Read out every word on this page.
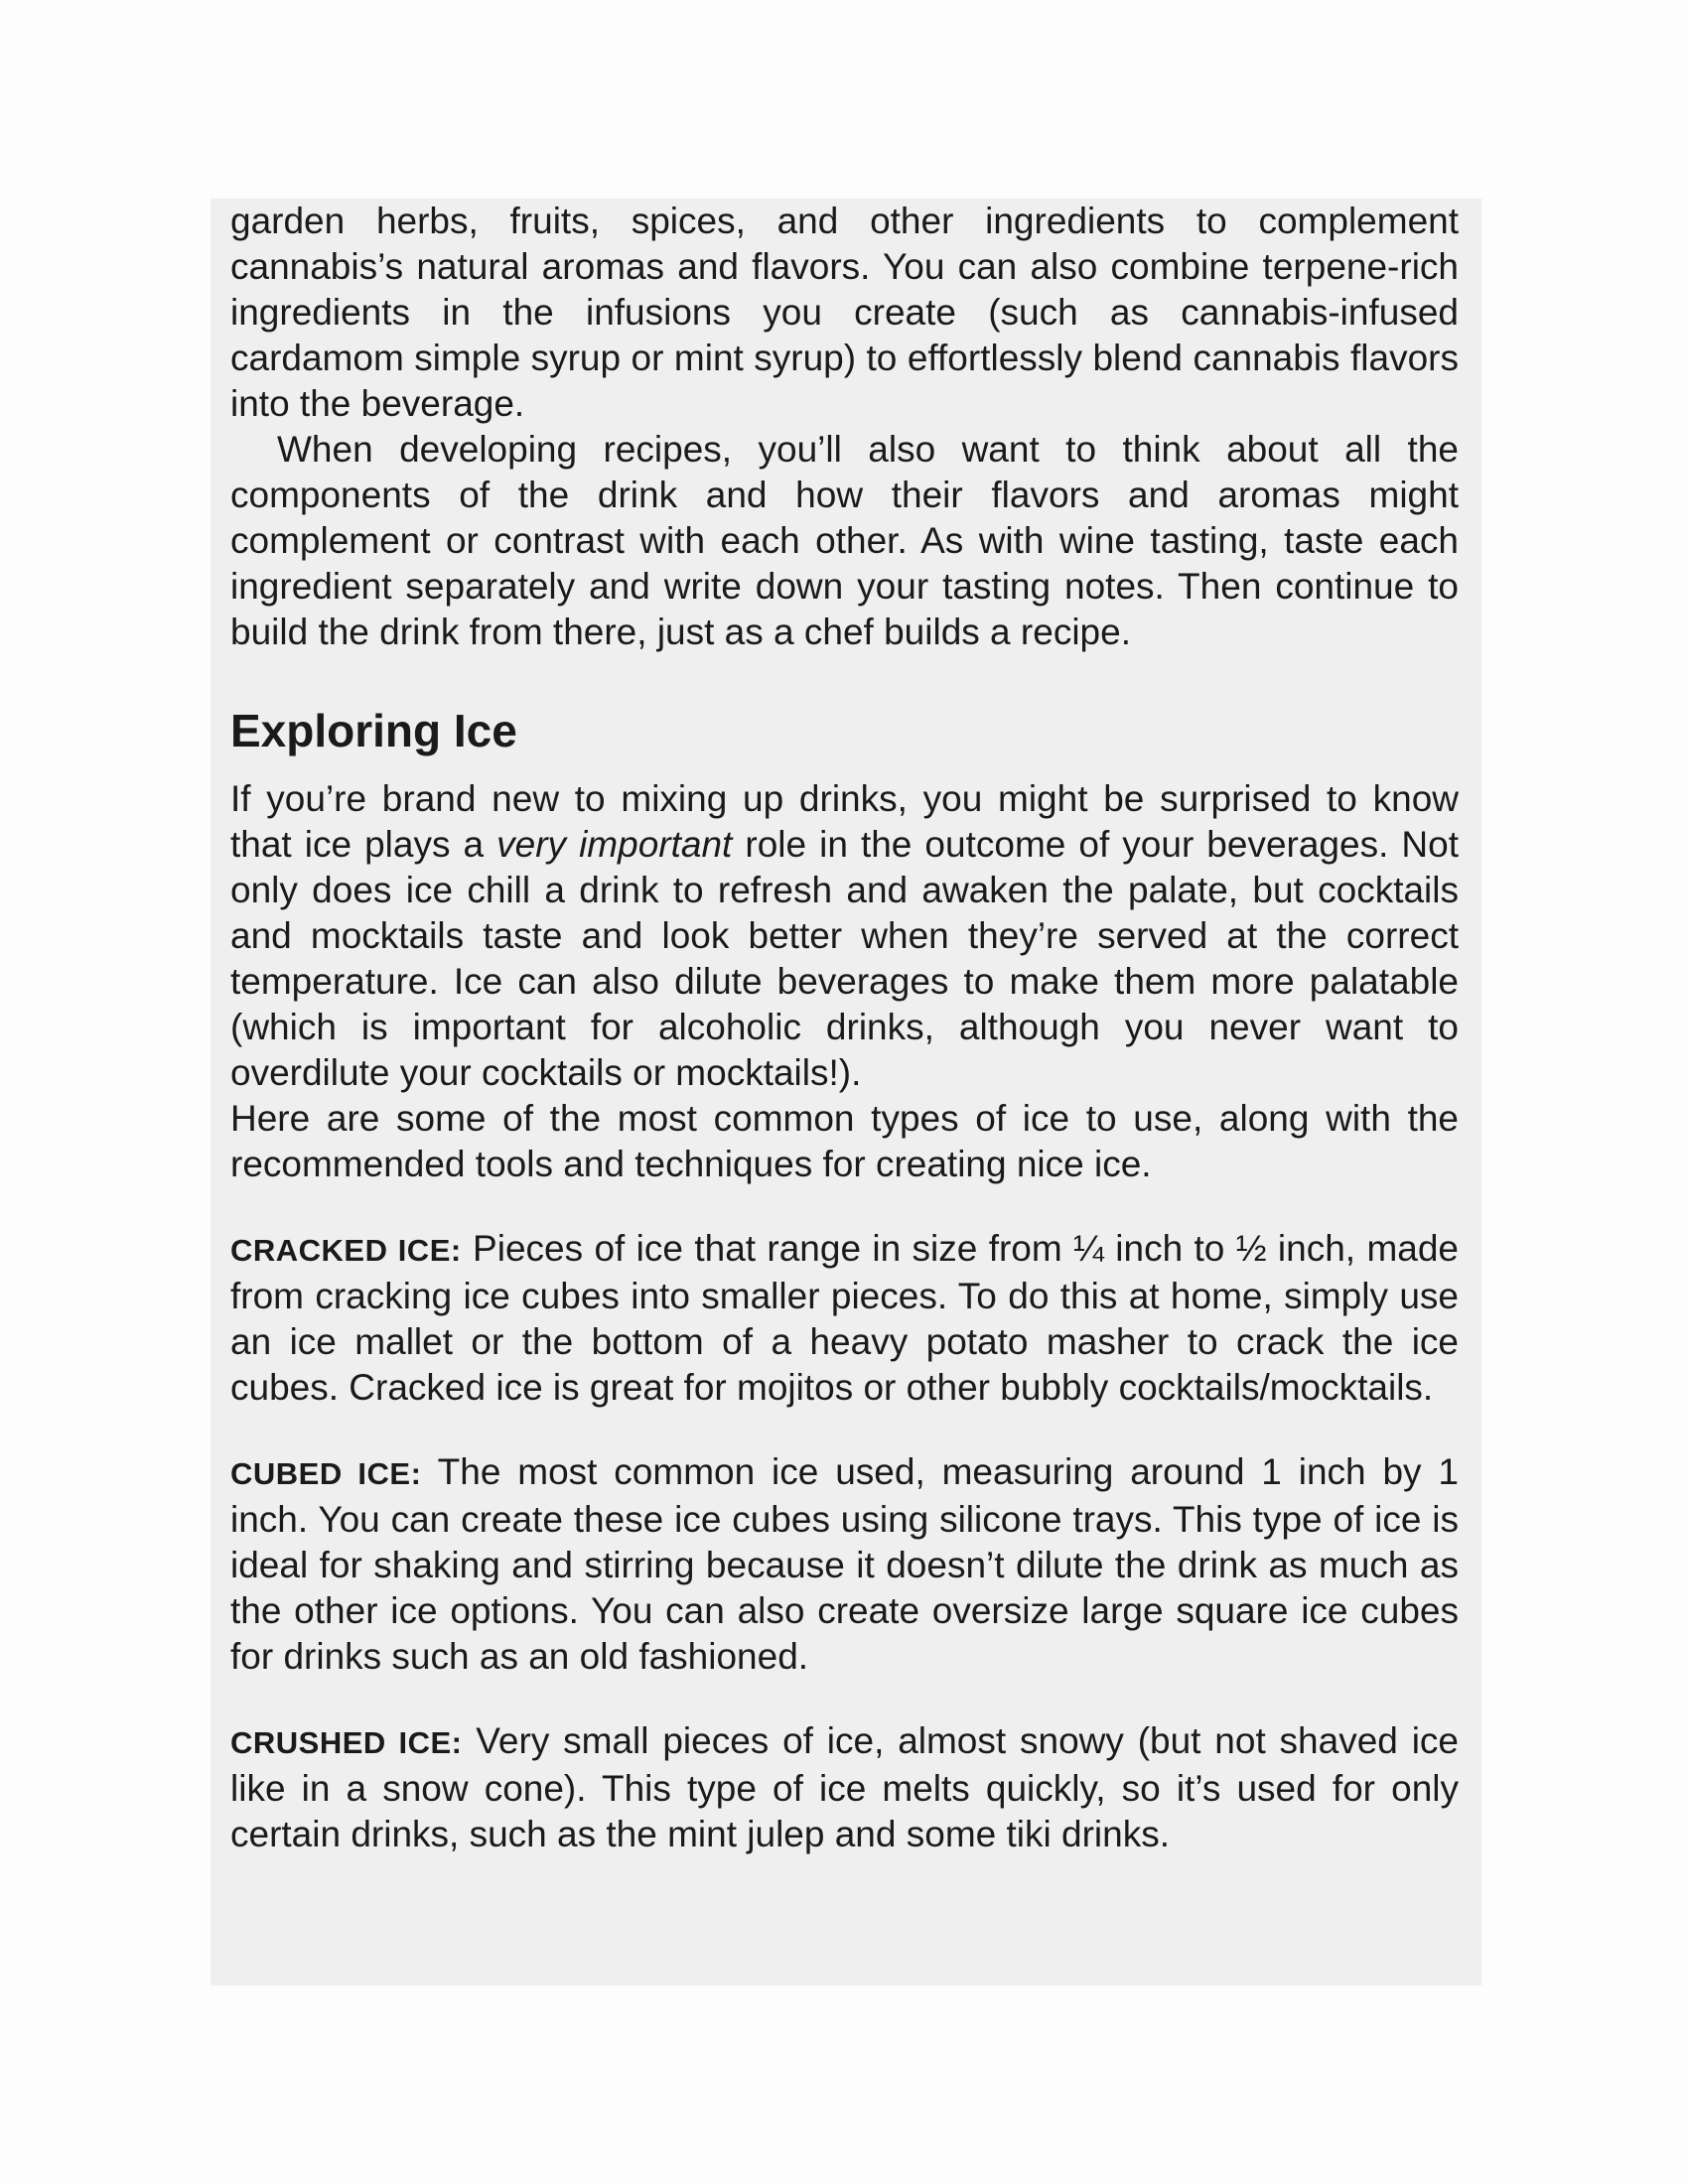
garden herbs, fruits, spices, and other ingredients to complement cannabis’s natural aromas and flavors. You can also combine terpene-rich ingredients in the infusions you create (such as cannabis-infused cardamom simple syrup or mint syrup) to effortlessly blend cannabis flavors into the beverage.

When developing recipes, you’ll also want to think about all the components of the drink and how their flavors and aromas might complement or contrast with each other. As with wine tasting, taste each ingredient separately and write down your tasting notes. Then continue to build the drink from there, just as a chef builds a recipe.

Exploring Ice

If you’re brand new to mixing up drinks, you might be surprised to know that ice plays a very important role in the outcome of your beverages. Not only does ice chill a drink to refresh and awaken the palate, but cocktails and mocktails taste and look better when they’re served at the correct temperature. Ice can also dilute beverages to make them more palatable (which is important for alcoholic drinks, although you never want to overdilute your cocktails or mocktails!).

Here are some of the most common types of ice to use, along with the recommended tools and techniques for creating nice ice.

CRACKED ICE: Pieces of ice that range in size from ¼ inch to ½ inch, made from cracking ice cubes into smaller pieces. To do this at home, simply use an ice mallet or the bottom of a heavy potato masher to crack the ice cubes. Cracked ice is great for mojitos or other bubbly cocktails/mocktails.

CUBED ICE: The most common ice used, measuring around 1 inch by 1 inch. You can create these ice cubes using silicone trays. This type of ice is ideal for shaking and stirring because it doesn’t dilute the drink as much as the other ice options. You can also create oversize large square ice cubes for drinks such as an old fashioned.

CRUSHED ICE: Very small pieces of ice, almost snowy (but not shaved ice like in a snow cone). This type of ice melts quickly, so it’s used for only certain drinks, such as the mint julep and some tiki drinks.
